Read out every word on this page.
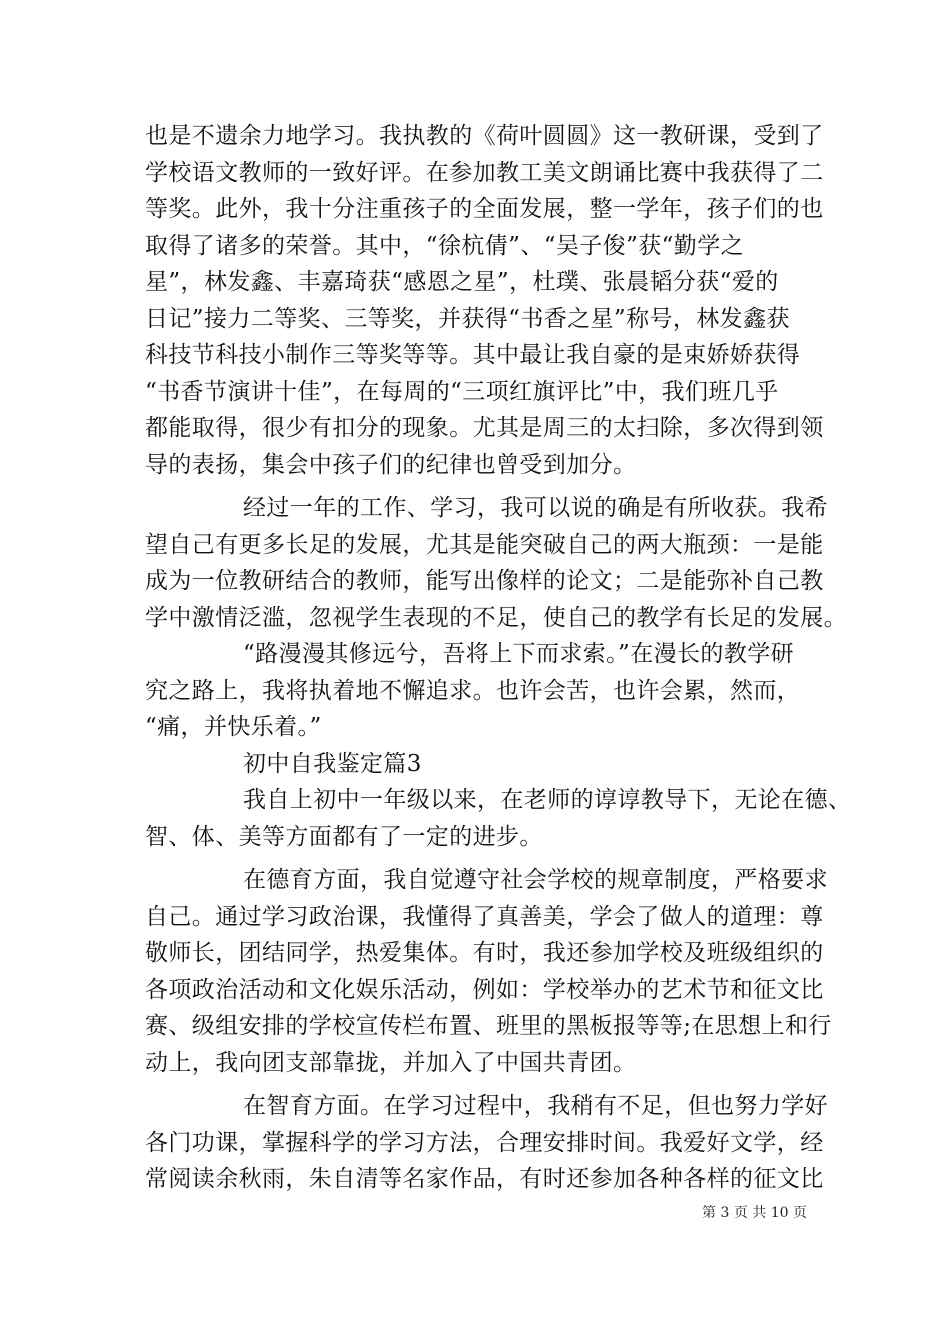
也是不遗余力地学习。我执教的《荷叶圆圆》这一教研课，受到了
学校语文教师的一致好评。在参加教工美文朗诵比赛中我获得了二
等奖。此外，我十分注重孩子的全面发展，整一学年，孩子们的也
取得了诸多的荣誉。其中，“徐杭倩”、“吴子俊”获“勤学之
星”，林发鑫、丰嘉琦获“感恩之星”，杜璞、张晨韬分获“爱的
日记”接力二等奖、三等奖，并获得“书香之星”称号，林发鑫获
科技节科技小制作三等奖等等。其中最让我自豪的是束娇娇获得
“书香节演讲十佳”，在每周的“三项红旗评比”中，我们班几乎
都能取得，很少有扣分的现象。尤其是周三的太扫除，多次得到领
导的表扬，集会中孩子们的纪律也曾受到加分。
经过一年的工作、学习，我可以说的确是有所收获。我希
望自己有更多长足的发展，尤其是能突破自己的两大瓶颈：一是能
成为一位教研结合的教师，能写出像样的论文；二是能弥补自己教
学中激情泛滥，忽视学生表现的不足，使自己的教学有长足的发展。
“路漫漫其修远兮，吾将上下而求索。”在漫长的教学研
究之路上，我将执着地不懈追求。也许会苦，也许会累，然而，
“痛，并快乐着。”
初中自我鉴定篇3
我自上初中一年级以来，在老师的谆谆教导下，无论在德、
智、体、美等方面都有了一定的进步。
在德育方面，我自觉遵守社会学校的规章制度，严格要求
自己。通过学习政治课，我懂得了真善美，学会了做人的道理：尊
敬师长，团结同学，热爱集体。有时，我还参加学校及班级组织的
各项政治活动和文化娱乐活动，例如：学校举办的艺术节和征文比
赛、级组安排的学校宣传栏布置、班里的黑板报等等;在思想上和行
动上，我向团支部靠拢，并加入了中国共青团。
在智育方面。在学习过程中，我稍有不足，但也努力学好
各门功课，掌握科学的学习方法，合理安排时间。我爱好文学，经
常阅读余秋雨，朱自清等名家作品，有时还参加各种各样的征文比
第 3 页 共 10 页
